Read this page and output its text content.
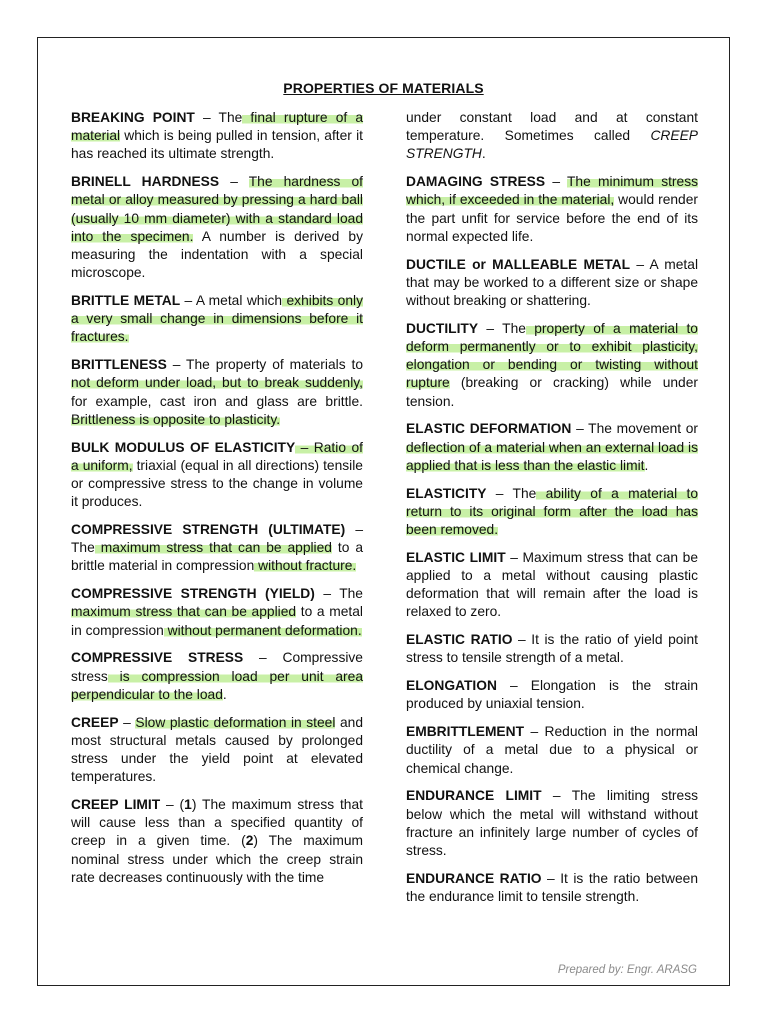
PROPERTIES OF MATERIALS

BREAKING POINT – The final rupture of a material which is being pulled in tension, after it has reached its ultimate strength.

BRINELL HARDNESS – The hardness of metal or alloy measured by pressing a hard ball (usually 10 mm diameter) with a standard load into the specimen. A number is derived by measuring the indentation with a special microscope.

BRITTLE METAL – A metal which exhibits only a very small change in dimensions before it fractures.

BRITTLENESS – The property of materials to not deform under load, but to break suddenly, for example, cast iron and glass are brittle. Brittleness is opposite to plasticity.

BULK MODULUS OF ELASTICITY – Ratio of a uniform, triaxial (equal in all directions) tensile or compressive stress to the change in volume it produces.

COMPRESSIVE STRENGTH (ULTIMATE) – The maximum stress that can be applied to a brittle material in compression without fracture.

COMPRESSIVE STRENGTH (YIELD) – The maximum stress that can be applied to a metal in compression without permanent deformation.

COMPRESSIVE STRESS – Compressive stress is compression load per unit area perpendicular to the load.

CREEP – Slow plastic deformation in steel and most structural metals caused by prolonged stress under the yield point at elevated temperatures.

CREEP LIMIT – (1) The maximum stress that will cause less than a specified quantity of creep in a given time. (2) The maximum nominal stress under which the creep strain rate decreases continuously with the time

under constant load and at constant temperature. Sometimes called CREEP STRENGTH.

DAMAGING STRESS – The minimum stress which, if exceeded in the material, would render the part unfit for service before the end of its normal expected life.

DUCTILE or MALLEABLE METAL – A metal that may be worked to a different size or shape without breaking or shattering.

DUCTILITY – The property of a material to deform permanently or to exhibit plasticity, elongation or bending or twisting without rupture (breaking or cracking) while under tension.

ELASTIC DEFORMATION – The movement or deflection of a material when an external load is applied that is less than the elastic limit.

ELASTICITY – The ability of a material to return to its original form after the load has been removed.

ELASTIC LIMIT – Maximum stress that can be applied to a metal without causing plastic deformation that will remain after the load is relaxed to zero.

ELASTIC RATIO – It is the ratio of yield point stress to tensile strength of a metal.

ELONGATION – Elongation is the strain produced by uniaxial tension.

EMBRITTLEMENT – Reduction in the normal ductility of a metal due to a physical or chemical change.

ENDURANCE LIMIT – The limiting stress below which the metal will withstand without fracture an infinitely large number of cycles of stress.

ENDURANCE RATIO – It is the ratio between the endurance limit to tensile strength.

Prepared by: Engr. ARASG
